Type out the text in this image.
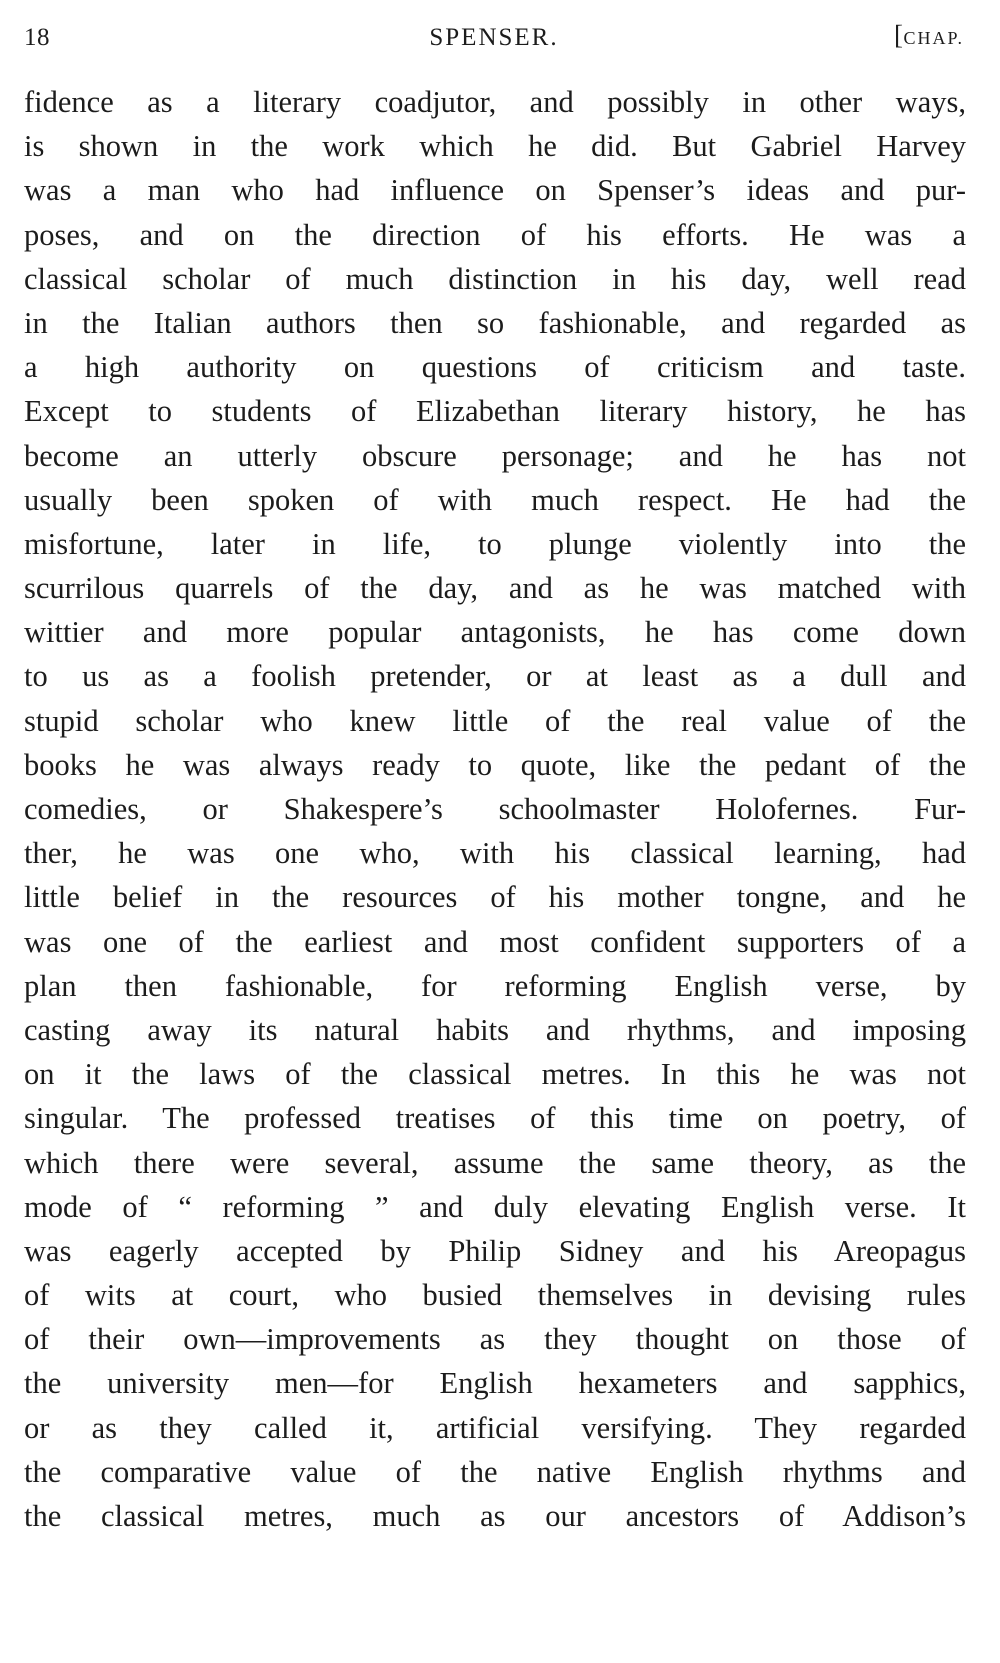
18	SPENSER.	[CHAP.
fidence as a literary coadjutor, and possibly in other ways,
is shown in the work which he did. But Gabriel Harvey
was a man who had influence on Spenser’s ideas and pur-
poses, and on the direction of his efforts. He was a
classical scholar of much distinction in his day, well read
in the Italian authors then so fashionable, and regarded as
a high authority on questions of criticism and taste.
Except to students of Elizabethan literary history, he has
become an utterly obscure personage; and he has not
usually been spoken of with much respect. He had the
misfortune, later in life, to plunge violently into the
scurrilous quarrels of the day, and as he was matched with
wittier and more popular antagonists, he has come down
to us as a foolish pretender, or at least as a dull and
stupid scholar who knew little of the real value of the
books he was always ready to quote, like the pedant of the
comedies, or Shakespere’s schoolmaster Holofernes. Fur-
ther, he was one who, with his classical learning, had
little belief in the resources of his mother tongne, and he
was one of the earliest and most confident supporters of a
plan then fashionable, for reforming English verse, by
casting away its natural habits and rhythms, and imposing
on it the laws of the classical metres. In this he was not
singular. The professed treatises of this time on poetry, of
which there were several, assume the same theory, as the
mode of “ reforming ” and duly elevating English verse. It
was eagerly accepted by Philip Sidney and his Areopagus
of wits at court, who busied themselves in devising rules
of their own—improvements as they thought on those of
the university men—for English hexameters and sapphics,
or as they called it, artificial versifying. They regarded
the comparative value of the native English rhythms and
the classical metres, much as our ancestors of Addison’s
